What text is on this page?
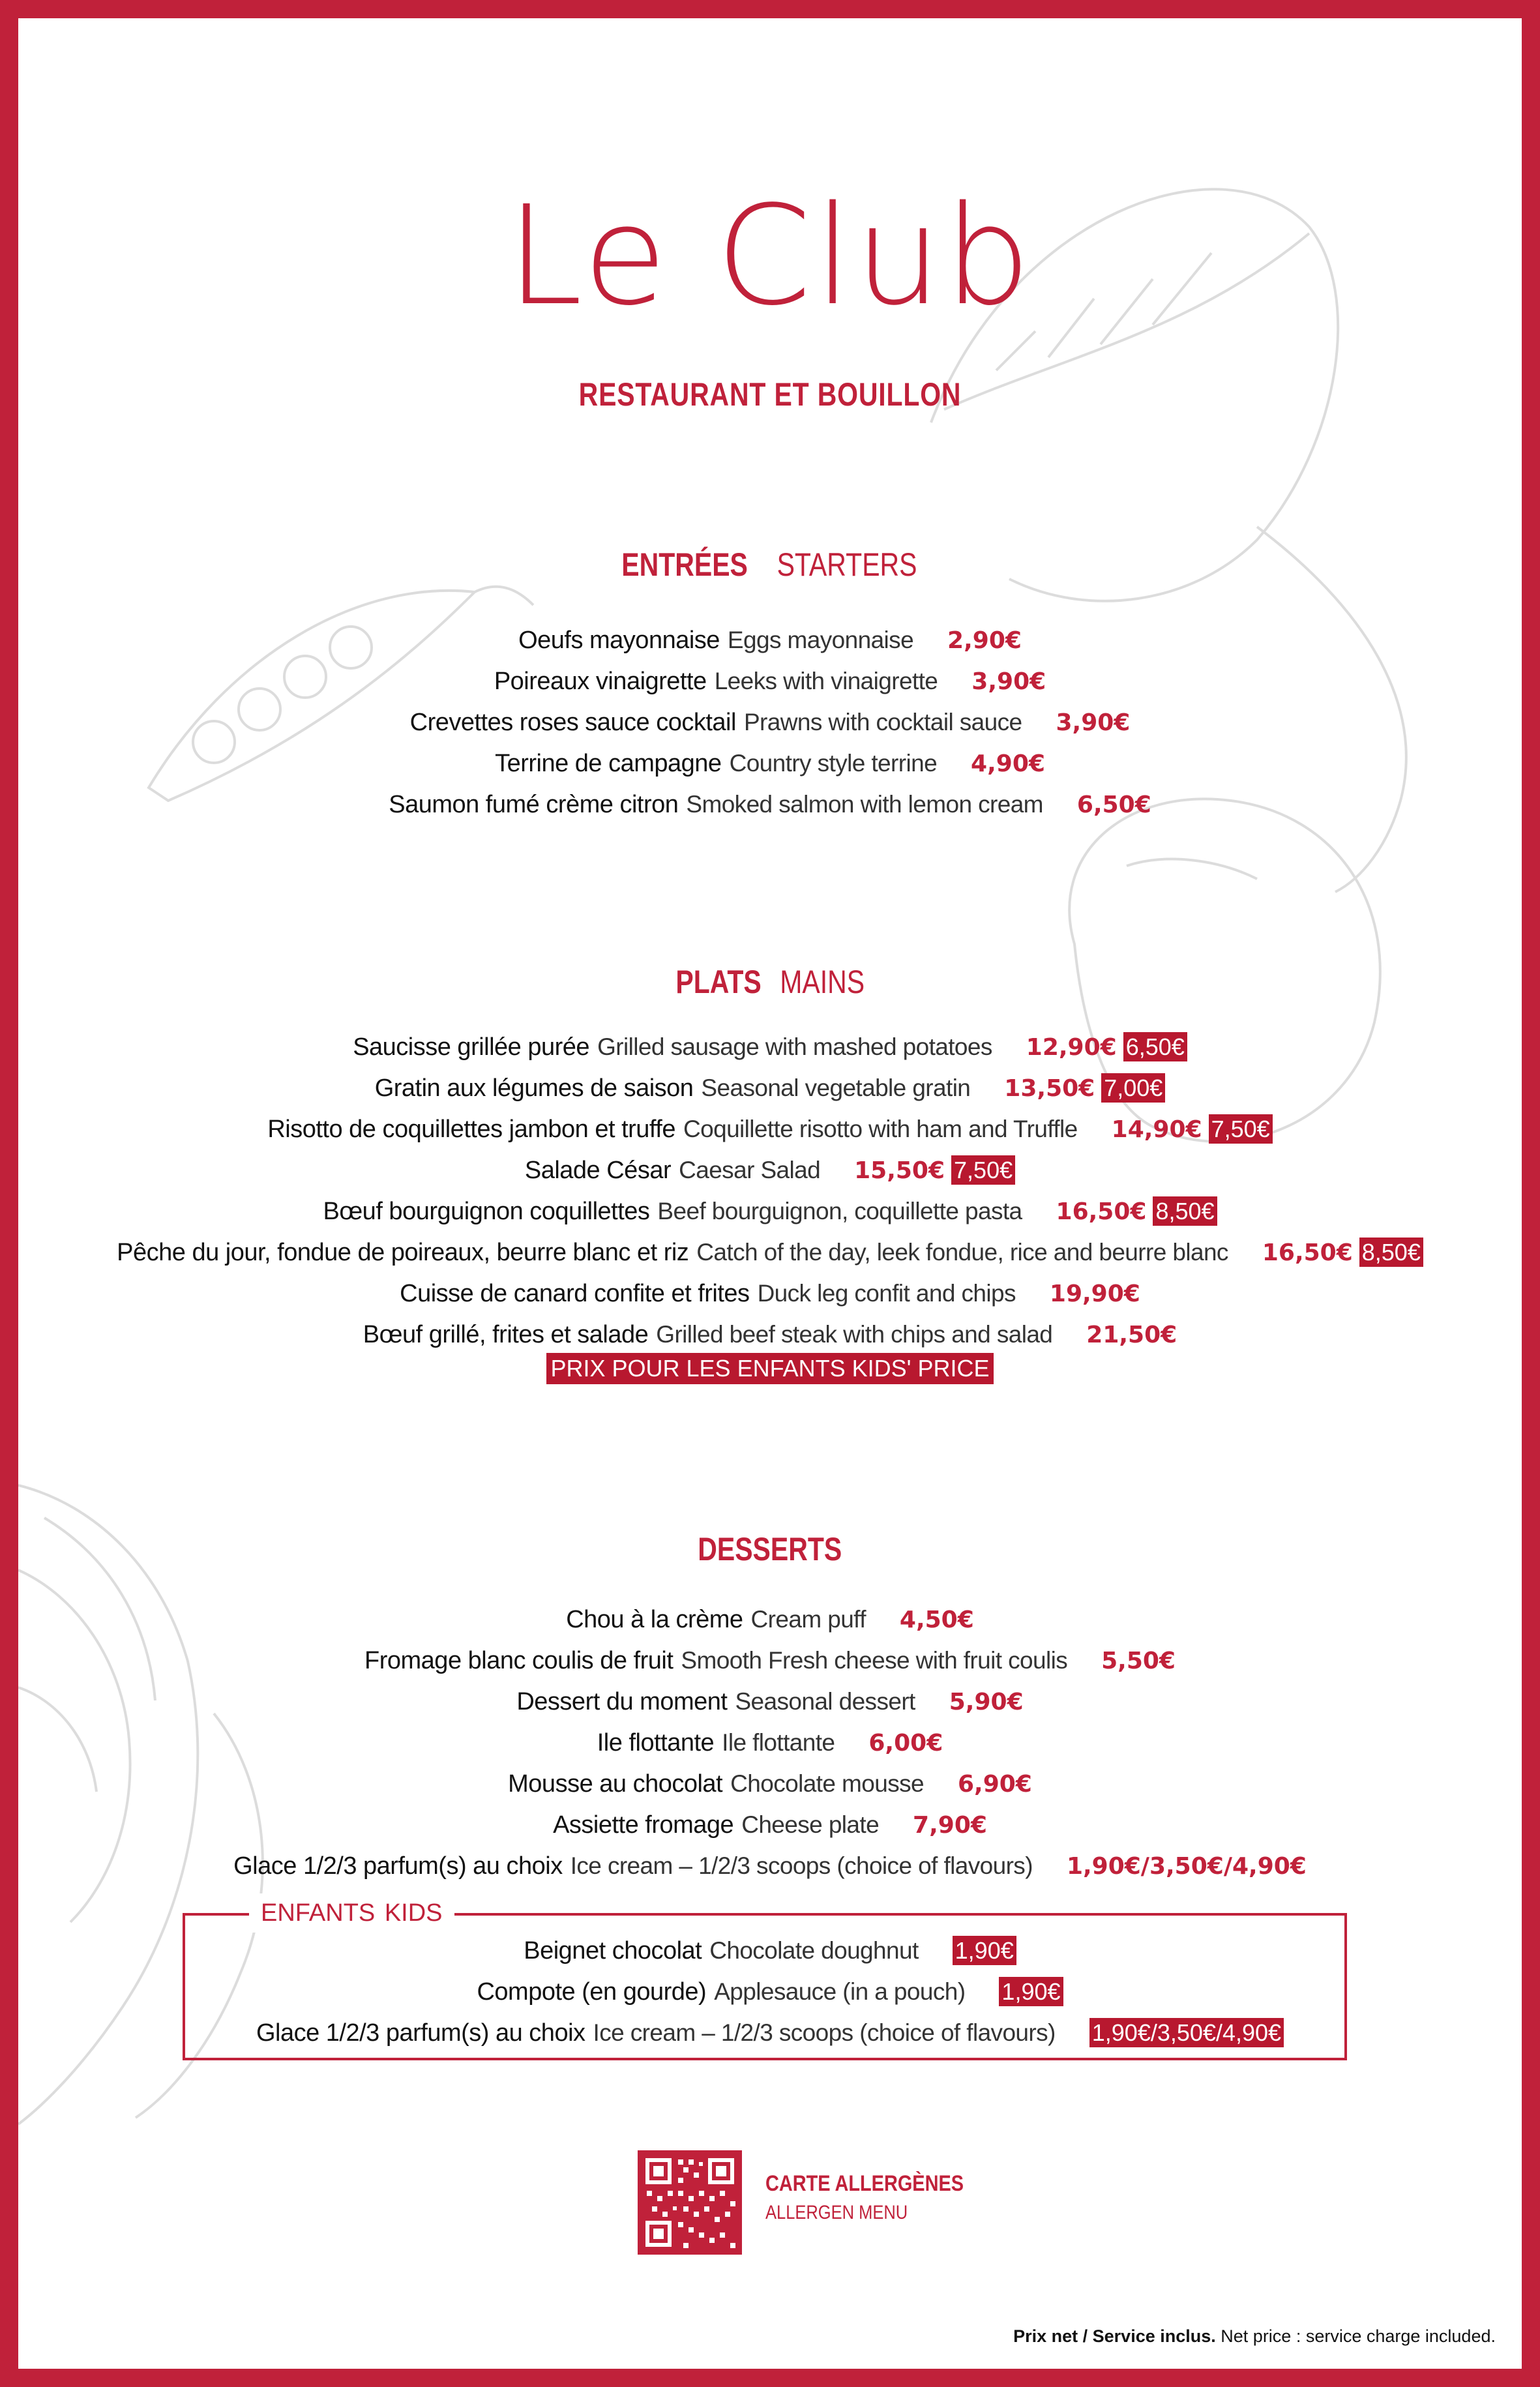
Le Club
RESTAURANT ET BOUILLON
ENTRÉES STARTERS
Oeufs mayonnaise Eggs mayonnaise 2,90€
Poireaux vinaigrette Leeks with vinaigrette 3,90€
Crevettes roses sauce cocktail Prawns with cocktail sauce 3,90€
Terrine de campagne Country style terrine 4,90€
Saumon fumé crème citron Smoked salmon with lemon cream 6,50€
PLATS MAINS
Saucisse grillée purée Grilled sausage with mashed potatoes 12,90€ 6,50€
Gratin aux légumes de saison Seasonal vegetable gratin 13,50€ 7,00€
Risotto de coquillettes jambon et truffe Coquillette risotto with ham and Truffle 14,90€ 7,50€
Salade César Caesar Salad 15,50€ 7,50€
Bœuf bourguignon coquillettes Beef bourguignon, coquillette pasta 16,50€ 8,50€
Pêche du jour, fondue de poireaux, beurre blanc et riz Catch of the day, leek fondue, rice and beurre blanc 16,50€ 8,50€
Cuisse de canard confite et frites Duck leg confit and chips 19,90€
Bœuf grillé, frites et salade Grilled beef steak with chips and salad 21,50€
PRIX POUR LES ENFANTS KIDS' PRICE
DESSERTS
Chou à la crème Cream puff 4,50€
Fromage blanc coulis de fruit Smooth Fresh cheese with fruit coulis 5,50€
Dessert du moment Seasonal dessert 5,90€
Ile flottante Ile flottante 6,00€
Mousse au chocolat Chocolate mousse 6,90€
Assiette fromage Cheese plate 7,90€
Glace 1/2/3 parfum(s) au choix Ice cream – 1/2/3 scoops (choice of flavours) 1,90€/3,50€/4,90€
ENFANTS KIDS
Beignet chocolat Chocolate doughnut 1,90€
Compote (en gourde) Applesauce (in a pouch) 1,90€
Glace 1/2/3 parfum(s) au choix Ice cream – 1/2/3 scoops (choice of flavours) 1,90€/3,50€/4,90€
CARTE ALLERGÈNES
ALLERGEN MENU
Prix net / Service inclus. Net price : service charge included.
